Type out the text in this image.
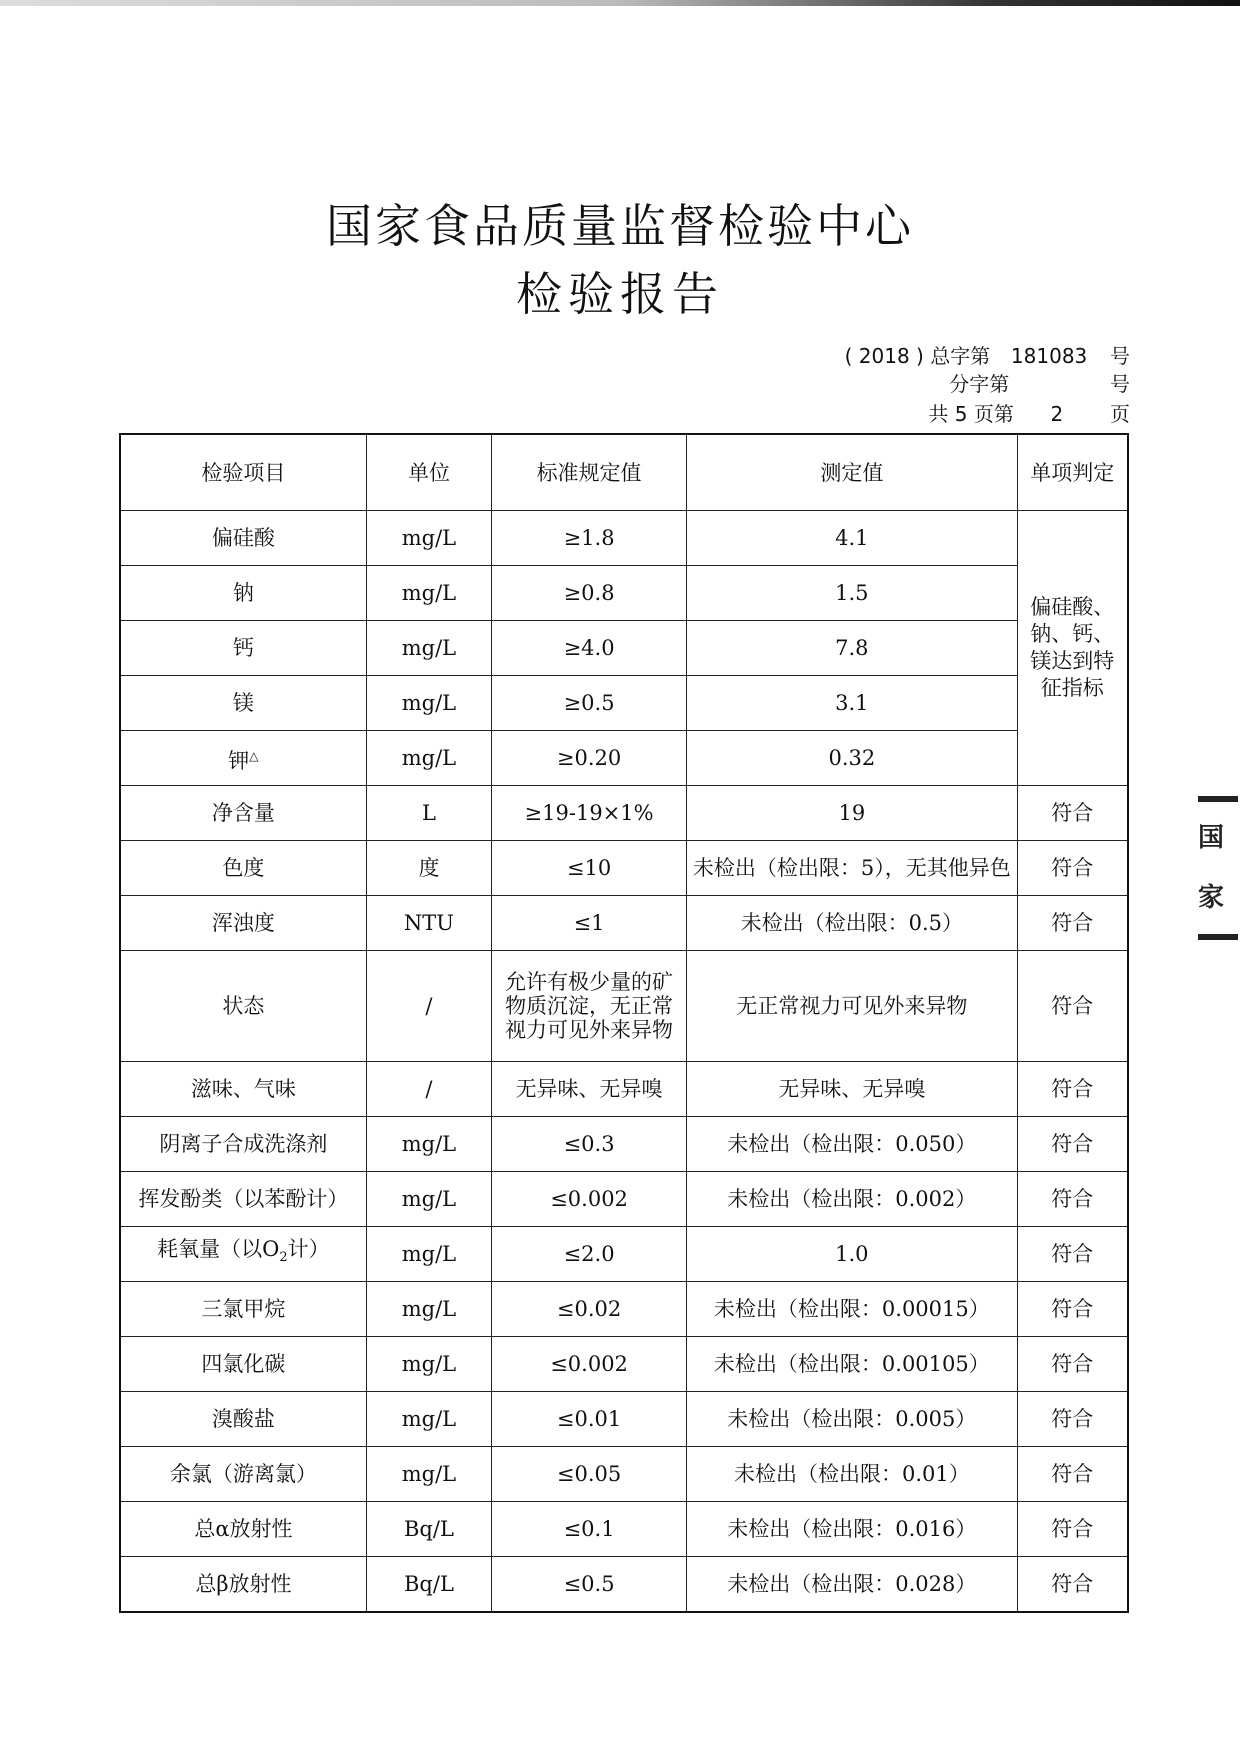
国家食品质量监督检验中心
检验报告
( 2018 ) 总字第 181083 号
分字第	号
共 5 页第 2 页
检验项目	单位	标准规定值	测定值	单项判定
偏硅酸	mg/L	≥1.8	4.1	偏硅酸、钠、钙、镁达到特征指标
钠	mg/L	≥0.8	1.5	
钙	mg/L	≥4.0	7.8	
镁	mg/L	≥0.5	3.1	
钾△	mg/L	≥0.20	0.32	
净含量	L	≥19-19×1%	19	符合
色度	度	≤10	未检出（检出限：5），无其他异色	符合
浑浊度	NTU	≤1	未检出（检出限：0.5）	符合
状态	/	允许有极少量的矿物质沉淀，无正常视力可见外来异物	无正常视力可见外来异物	符合
滋味、气味	/	无异味、无异嗅	无异味、无异嗅	符合
阴离子合成洗涤剂	mg/L	≤0.3	未检出（检出限：0.050）	符合
挥发酚类（以苯酚计）	mg/L	≤0.002	未检出（检出限：0.002）	符合
耗氧量（以$O_2$计）	mg/L	≤2.0	1.0	符合
三氯甲烷	mg/L	≤0.02	未检出（检出限：0.00015）	符合
四氯化碳	mg/L	≤0.002	未检出（检出限：0.00105）	符合
溴酸盐	mg/L	≤0.01	未检出（检出限：0.005）	符合
余氯（游离氯）	mg/L	≤0.05	未检出（检出限：0.01）	符合
总α放射性	Bq/L	≤0.1	未检出（检出限：0.016）	符合
总β放射性	Bq/L	≤0.5	未检出（检出限：0.028）	符合
国家
